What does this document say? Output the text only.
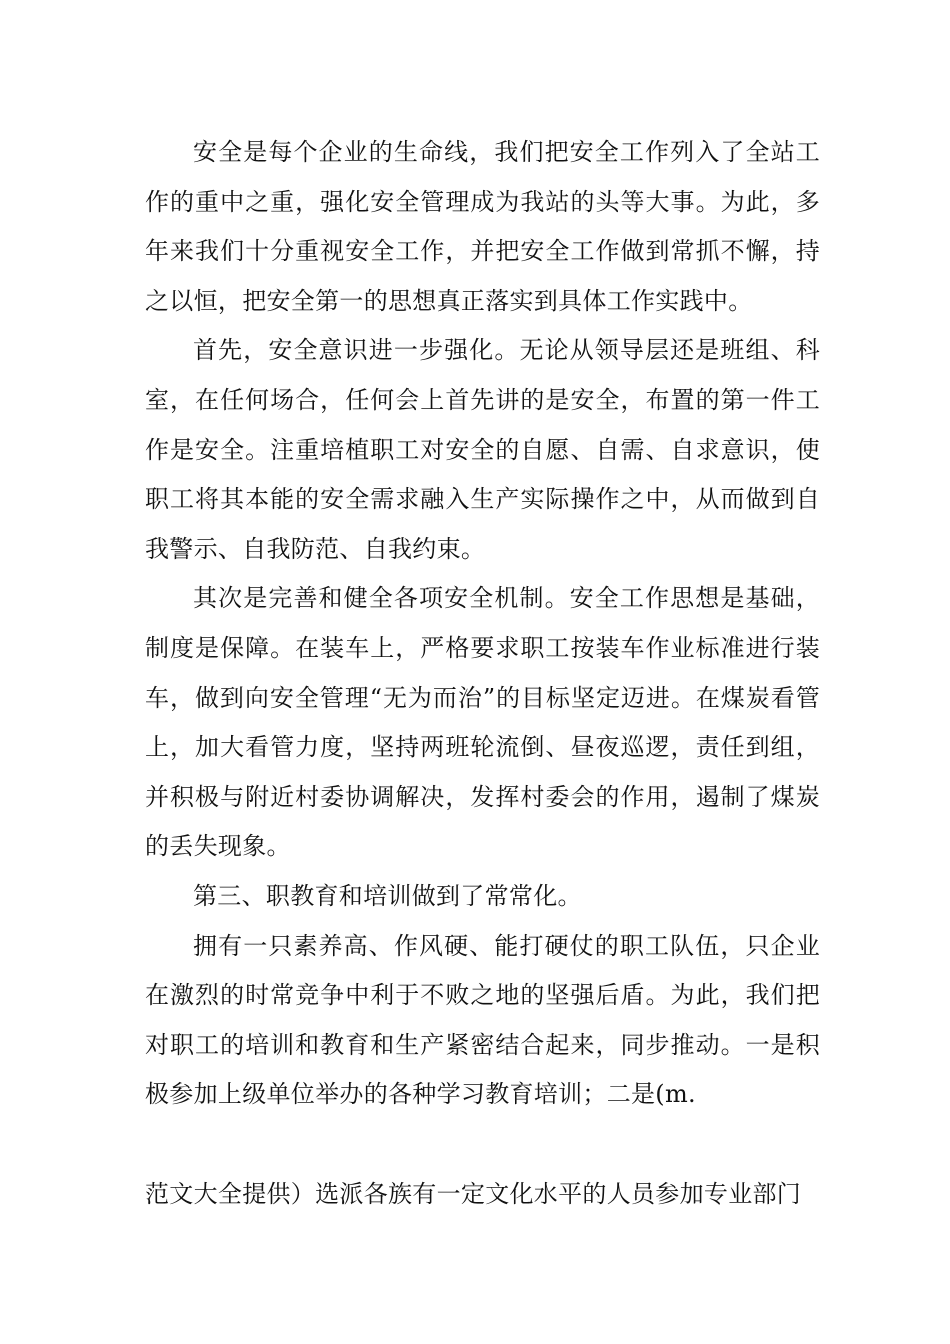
安全是每个企业的生命线，我们把安全工作列入了全站工作的重中之重，强化安全管理成为我站的头等大事。为此，多年来我们十分重视安全工作，并把安全工作做到常抓不懈，持之以恒，把安全第一的思想真正落实到具体工作实践中。

首先，安全意识进一步强化。无论从领导层还是班组、科室，在任何场合，任何会上首先讲的是安全，布置的第一件工作是安全。注重培植职工对安全的自愿、自需、自求意识，使职工将其本能的安全需求融入生产实际操作之中，从而做到自我警示、自我防范、自我约束。

其次是完善和健全各项安全机制。安全工作思想是基础，制度是保障。在装车上，严格要求职工按装车作业标准进行装车，做到向安全管理“无为而治”的目标坚定迈进。在煤炭看管上，加大看管力度，坚持两班轮流倒、昼夜巡逻，责任到组，并积极与附近村委协调解决，发挥村委会的作用，遏制了煤炭的丢失现象。

第三、职教育和培训做到了常常化。

拥有一只素养高、作风硬、能打硬仗的职工队伍，只企业在激烈的时常竞争中利于不败之地的坚强后盾。为此，我们把对职工的培训和教育和生产紧密结合起来，同步推动。一是积极参加上级单位举办的各种学习教育培训；二是(m.

范文大全提供）选派各族有一定文化水平的人员参加专业部门
